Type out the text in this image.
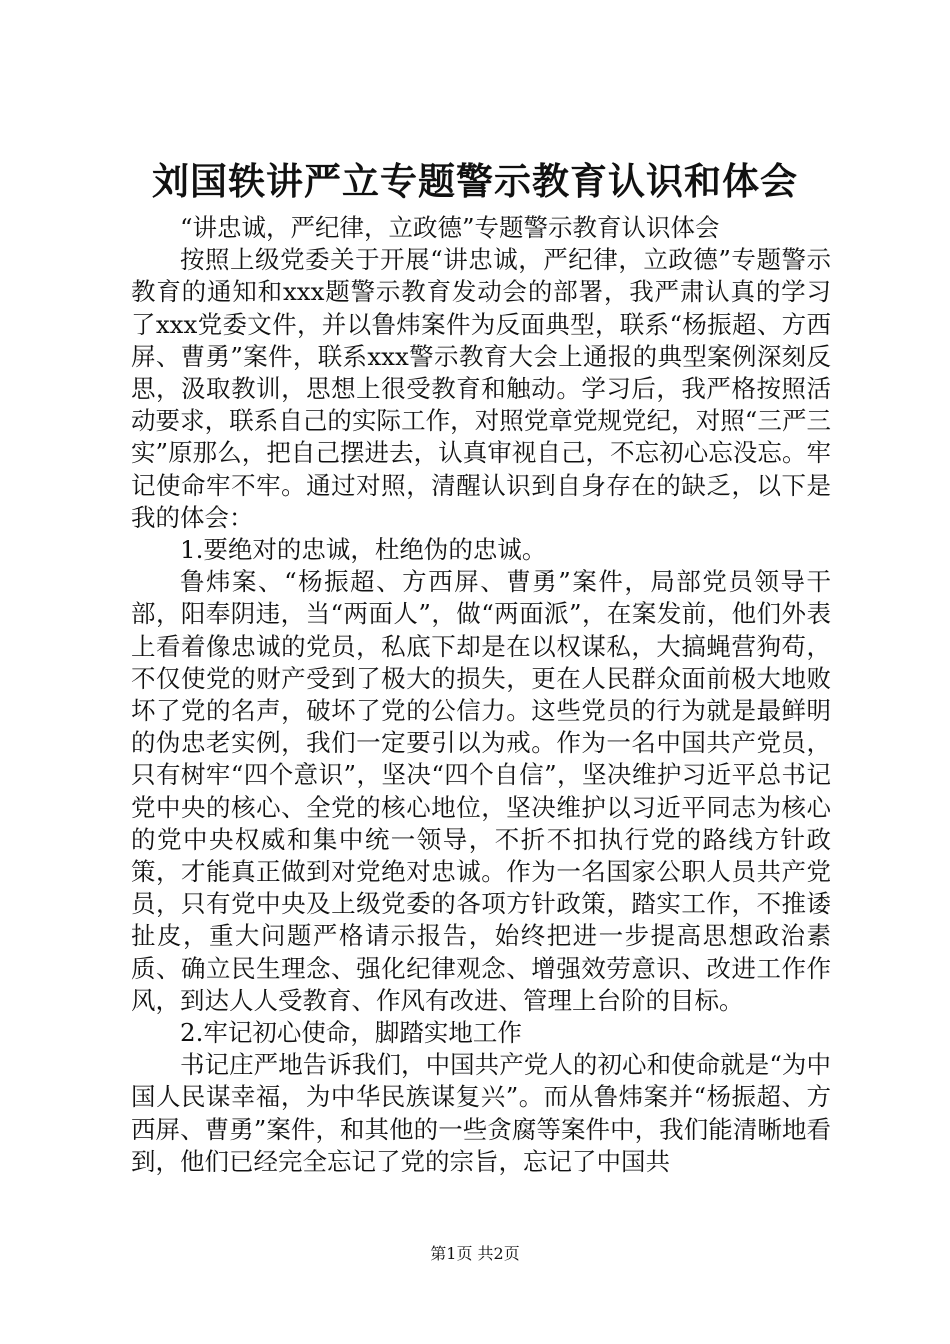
刘国轶讲严立专题警示教育认识和体会

“讲忠诚，严纪律，立政德”专题警示教育认识体会

按照上级党委关于开展“讲忠诚，严纪律，立政德”专题警示教育的通知和xxx题警示教育发动会的部署，我严肃认真的学习了xxx党委文件，并以鲁炜案件为反面典型，联系“杨振超、方西屏、曹勇”案件，联系xxx警示教育大会上通报的典型案例深刻反思，汲取教训，思想上很受教育和触动。学习后，我严格按照活动要求，联系自己的实际工作，对照党章党规党纪，对照“三严三实”原那么，把自己摆进去，认真审视自己，不忘初心忘没忘。牢记使命牢不牢。通过对照，清醒认识到自身存在的缺乏，以下是我的体会：

1.要绝对的忠诚，杜绝伪的忠诚。

鲁炜案、“杨振超、方西屏、曹勇”案件，局部党员领导干部，阳奉阴违，当“两面人”，做“两面派”，在案发前，他们外表上看着像忠诚的党员，私底下却是在以权谋私，大搞蝇营狗苟，不仅使党的财产受到了极大的损失，更在人民群众面前极大地败坏了党的名声，破坏了党的公信力。这些党员的行为就是最鲜明的伪忠老实例，我们一定要引以为戒。作为一名中国共产党员，只有树牢“四个意识”，坚决“四个自信”，坚决维护习近平总书记党中央的核心、全党的核心地位，坚决维护以习近平同志为核心的党中央权威和集中统一领导，不折不扣执行党的路线方针政策，才能真正做到对党绝对忠诚。作为一名国家公职人员共产党员，只有党中央及上级党委的各项方针政策，踏实工作，不推诿扯皮，重大问题严格请示报告，始终把进一步提高思想政治素质、确立民生理念、强化纪律观念、增强效劳意识、改进工作作风，到达人人受教育、作风有改进、管理上台阶的目标。

2.牢记初心使命，脚踏实地工作

书记庄严地告诉我们，中国共产党人的初心和使命就是“为中国人民谋幸福，为中华民族谋复兴”。而从鲁炜案并“杨振超、方西屏、曹勇”案件，和其他的一些贪腐等案件中，我们能清晰地看到，他们已经完全忘记了党的宗旨，忘记了中国共

第1页 共2页
